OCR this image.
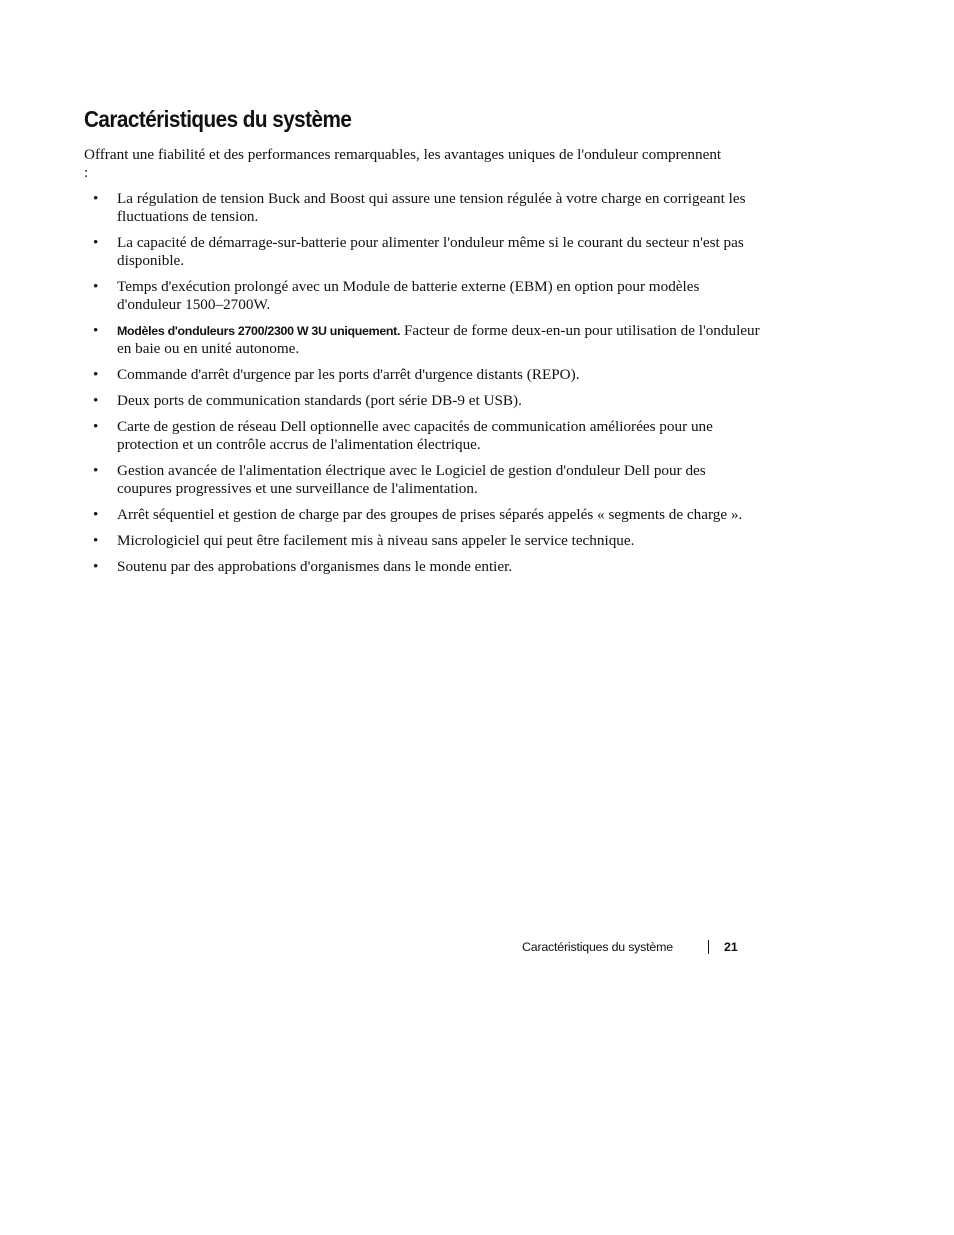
Caractéristiques du système

Offrant une fiabilité et des performances remarquables, les avantages uniques de l'onduleur comprennent :

• La régulation de tension Buck and Boost qui assure une tension régulée à votre charge en corrigeant les fluctuations de tension.
• La capacité de démarrage-sur-batterie pour alimenter l'onduleur même si le courant du secteur n'est pas disponible.
• Temps d'exécution prolongé avec un Module de batterie externe (EBM) en option pour modèles d'onduleur 1500–2700W.
• Modèles d'onduleurs 2700/2300 W 3U uniquement. Facteur de forme deux-en-un pour utilisation de l'onduleur en baie ou en unité autonome.
• Commande d'arrêt d'urgence par les ports d'arrêt d'urgence distants (REPO).
• Deux ports de communication standards (port série DB-9 et USB).
• Carte de gestion de réseau Dell optionnelle avec capacités de communication améliorées pour une protection et un contrôle accrus de l'alimentation électrique.
• Gestion avancée de l'alimentation électrique avec le Logiciel de gestion d'onduleur Dell pour des coupures progressives et une surveillance de l'alimentation.
• Arrêt séquentiel et gestion de charge par des groupes de prises séparés appelés « segments de charge ».
• Micrologiciel qui peut être facilement mis à niveau sans appeler le service technique.
• Soutenu par des approbations d'organismes dans le monde entier.
Caractéristiques du système	21
